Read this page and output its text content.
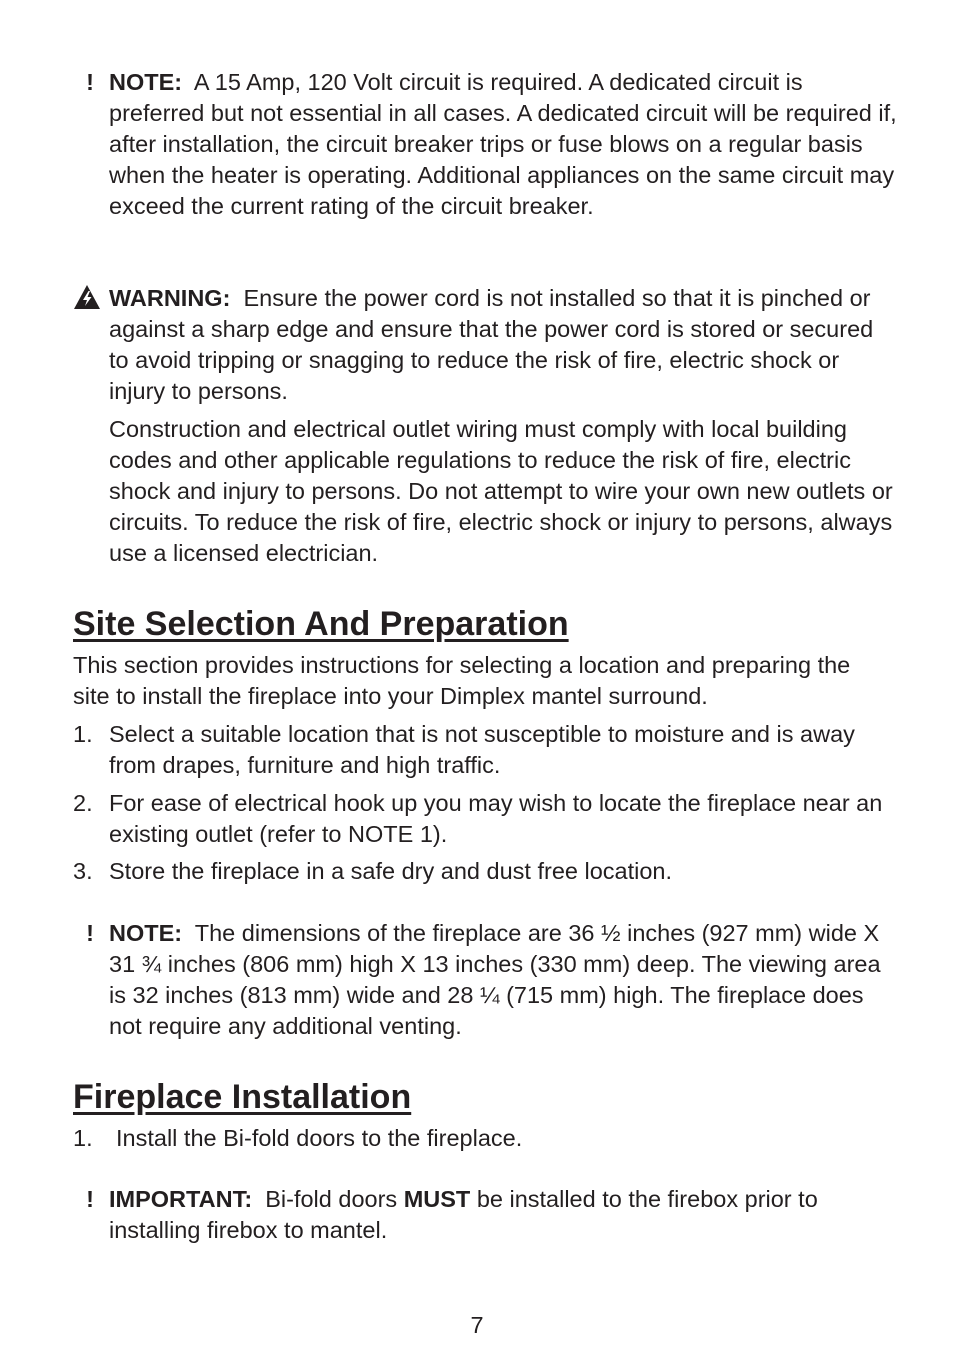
! NOTE: A 15 Amp, 120 Volt circuit is required. A dedicated circuit is preferred but not essential in all cases. A dedicated circuit will be required if, after installation, the circuit breaker trips or fuse blows on a regular basis when the heater is operating. Additional appliances on the same circuit may exceed the current rating of the circuit breaker.
WARNING: Ensure the power cord is not installed so that it is pinched or against a sharp edge and ensure that the power cord is stored or secured to avoid tripping or snagging to reduce the risk of fire, electric shock or injury to persons.
Construction and electrical outlet wiring must comply with local building codes and other applicable regulations to reduce the risk of fire, electric shock and injury to persons. Do not attempt to wire your own new outlets or circuits. To reduce the risk of fire, electric shock or injury to persons, always use a licensed electrician.
Site Selection And Preparation
This section provides instructions for selecting a location and preparing the site to install the fireplace into your Dimplex mantel surround.
1. Select a suitable location that is not susceptible to moisture and is away from drapes, furniture and high traffic.
2. For ease of electrical hook up you may wish to locate the fireplace near an existing outlet (refer to NOTE 1).
3. Store the fireplace in a safe dry and dust free location.
! NOTE: The dimensions of the fireplace are 36 ½ inches (927 mm) wide X 31 ¾ inches (806 mm) high X 13 inches (330 mm) deep. The viewing area is 32 inches (813 mm) wide and 28 ¼ (715 mm) high. The fireplace does not require any additional venting.
Fireplace Installation
1. Install the Bi-fold doors to the fireplace.
! IMPORTANT: Bi-fold doors MUST be installed to the firebox prior to installing firebox to mantel.
7
